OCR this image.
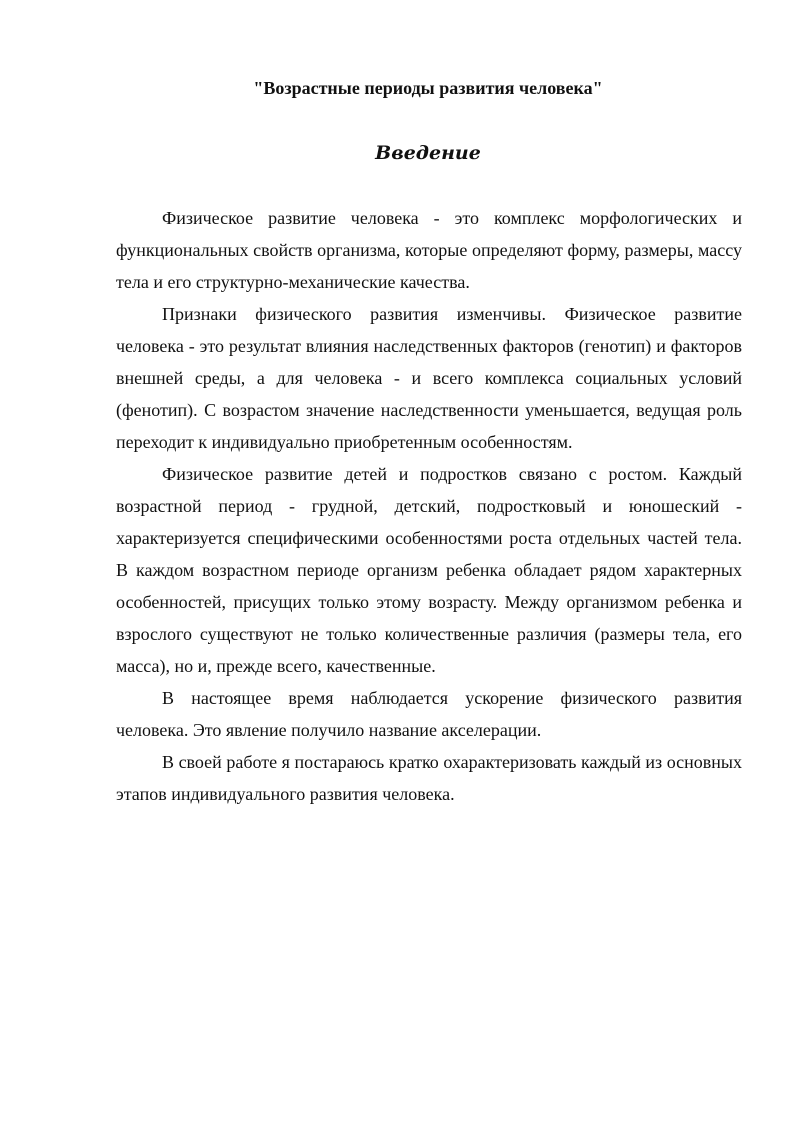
"Возрастные периоды развития человека"
Введение

Физическое развитие человека - это комплекс морфологических и функциональных свойств организма, которые определяют форму, размеры, массу тела и его структурно-механические качества.

Признаки физического развития изменчивы. Физическое развитие человека - это результат влияния наследственных факторов (генотип) и факторов внешней среды, а для человека - и всего комплекса социальных условий (фенотип). С возрастом значение наследственности уменьшается, ведущая роль переходит к индивидуально приобретенным особенностям.

Физическое развитие детей и подростков связано с ростом. Каждый возрастной период - грудной, детский, подростковый и юношеский - характеризуется специфическими особенностями роста отдельных частей тела. В каждом возрастном периоде организм ребенка обладает рядом характерных особенностей, присущих только этому возрасту. Между организмом ребенка и взрослого существуют не только количественные различия (размеры тела, его масса), но и, прежде всего, качественные.

В настоящее время наблюдается ускорение физического развития человека. Это явление получило название акселерации.

В своей работе я постараюсь кратко охарактеризовать каждый из основных этапов индивидуального развития человека.
